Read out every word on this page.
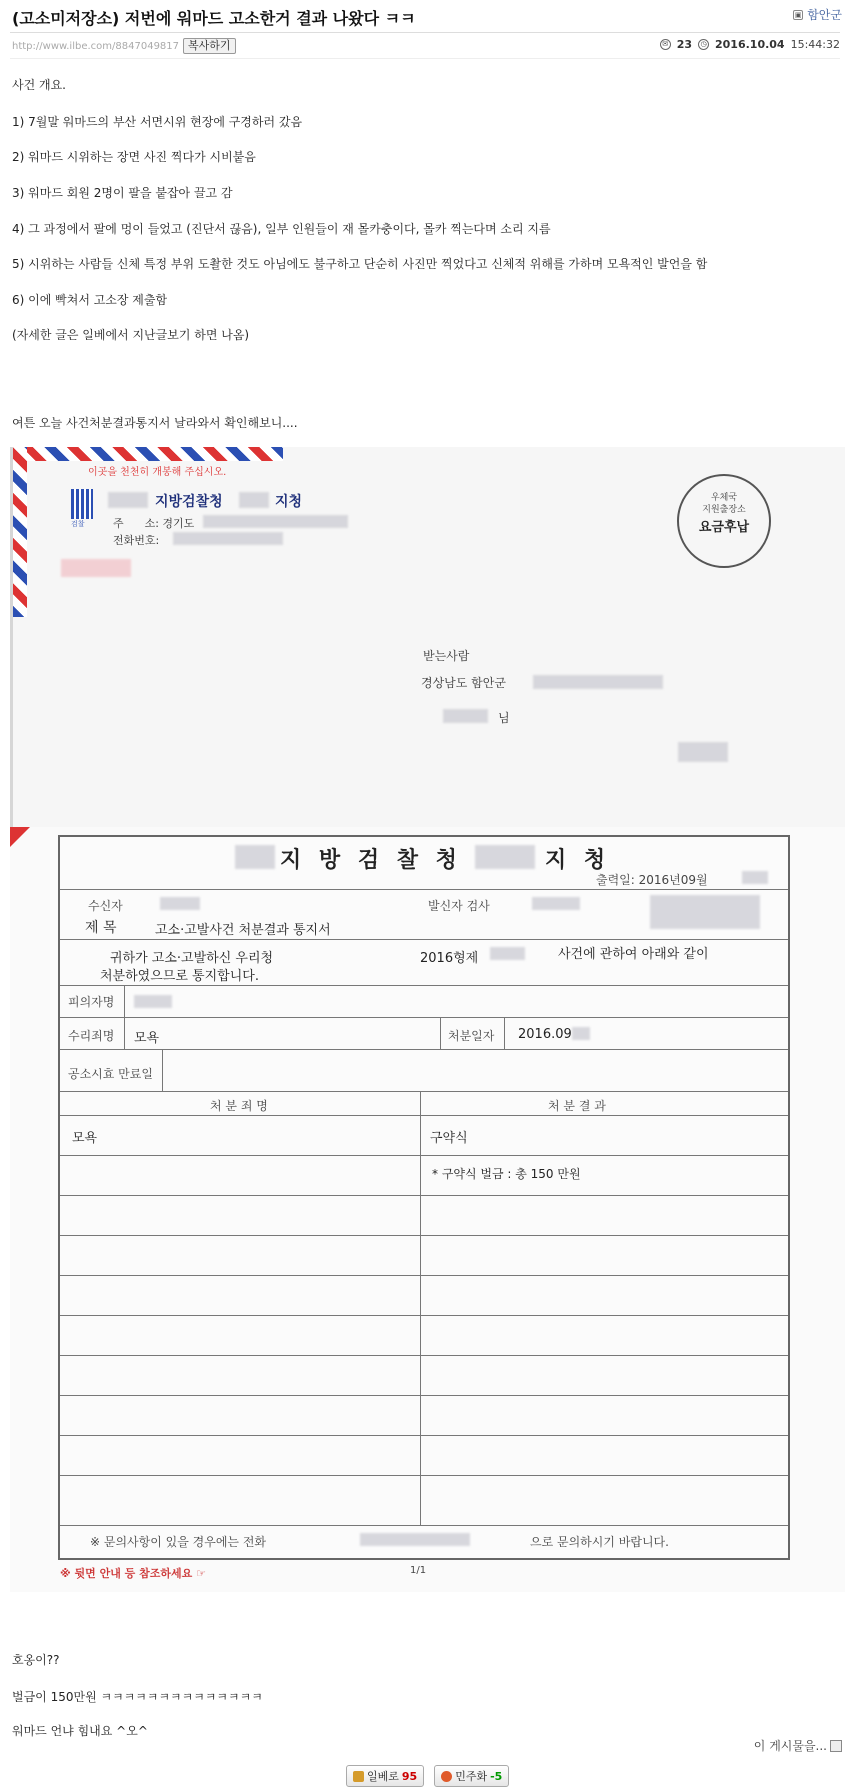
(고소미저장소) 저번에 워마드 고소한거 결과 나왔다 ㅋㅋ	▣ 함안군
http://www.ilbe.com/8847049817 복사하기	✉ 23	◷ 2016.10.04 15:44:32
사건 개요.
1) 7월말 워마드의 부산 서면시위 현장에 구경하러 갔음
2) 워마드 시위하는 장면 사진 찍다가 시비붙음
3) 워마드 회원 2명이 팔을 붙잡아 끌고 감
4) 그 과정에서 팔에 멍이 들었고 (진단서 끊음), 일부 인원들이 재 몰카충이다, 몰카 찍는다며 소리 지름
5) 시위하는 사람들 신체 특정 부위 도촬한 것도 아님에도 불구하고 단순히 사진만 찍었다고 신체적 위해를 가하며 모욕적인 발언을 함
6) 이에 빡쳐서 고소장 제출함
(자세한 글은 일베에서 지난글보기 하면 나옴)
여튼 오늘 사건처분결과통지서 날라와서 확인해보니....
이곳을 천천히 개봉해 주십시오.
검찰
지방검찰청	지청
주      소: 경기도
전화번호:
우체국
지원출장소
요금후납
받는사람
경상남도 함안군
님
지 방 검 찰 청	지 청
출력일: 2016년09월
수신자	발신자 검사
제 목	고소·고발사건 처분결과 통지서
귀하가 고소·고발하신 우리청	2016형제	사건에 관하여 아래와 같이
처분하였으므로 통지합니다.
피의자명
수리죄명 모욕	처분일자 2016.09
공소시효 만료일
처 분 죄 명	처 분 결 과
모욕	구약식
* 구약식 벌금 : 총 150 만원
※ 문의사항이 있을 경우에는 전화	으로 문의하시기 바랍니다.
※ 뒷면 안내 등 참조하세요 ☞	1/1
호옹이??
벌금이 150만원 ㅋㅋㅋㅋㅋㅋㅋㅋㅋㅋㅋㅋㅋㅋ
워마드 언냐 힘내요 ^오^
이 게시물을...
일베로 95	민주화 -5
